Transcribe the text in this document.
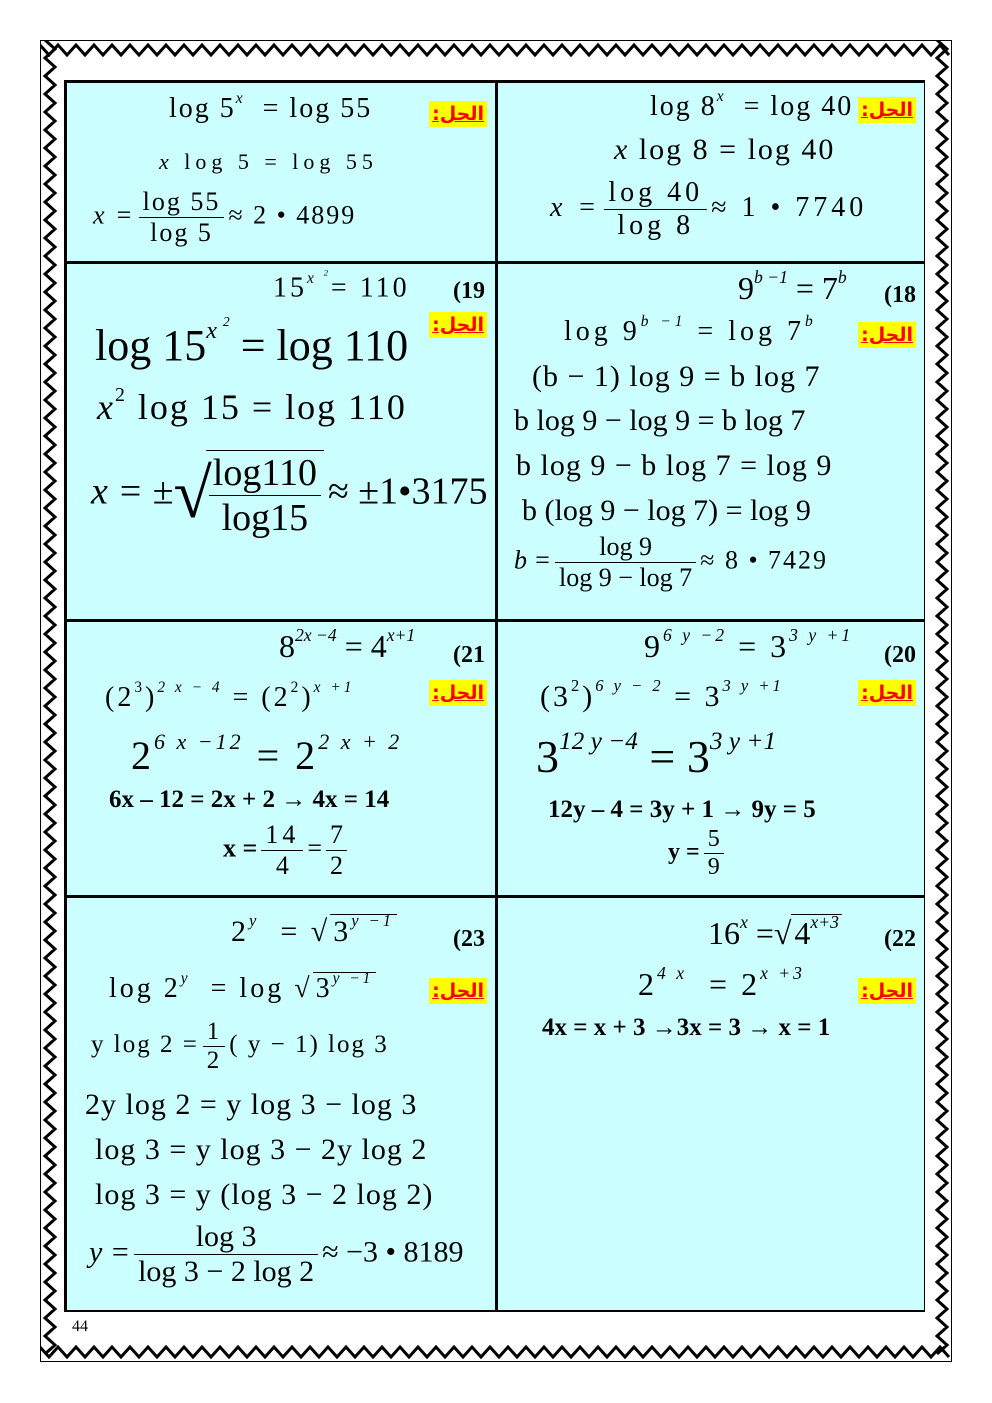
الحل:
log 5$^x$  = log 55
x log 5 = log 55
$x = \frac{\log 55}{\log 5} \approx 2$ • 4899
الحل:
log 8$^x$  = log 40
x log 8 = log 40
$x = \frac{\log 40}{\log 8} \approx 1$ • 7740
(19
الحل:
$15^{x ^2}= 110$
$\log 15^{x ^2} = \log 110$
$x^2$ log 15 = log 110
x = ±√
$\frac{\log 110}{\log 15}$ ≈ ±1•3175
(18
الحل:
$9^{b -1} = 7^b$
$\log 9^{b -1} = \log 7^b$
(b − 1) log 9 = b log 7
b log 9 − log 9 = b log 7
b log 9 − b log 7 = log 9
b (log 9 − log 7) = log 9
$b = \frac{\log 9}{\log 9 - \log 7} \approx 8$ • 7429
(21
الحل:
$8^{2x -4} = 4^{x+1}$
$(2^3)^{2 x - 4} = (2^2)^{x +1}$
$2^{6 x -12} = 2^{2 x + 2}$
6x – 12 = 2x + 2 → 4x = 14
$x = \frac{14}{4} = \frac{7}{2}$
(20
الحل:
$9^{6 y -2} = 3^{3 y +1}$
$(3^2)^{6 y - 2} = 3^{3 y +1}$
$3^{12 y -4} = 3^{3 y +1}$
12y – 4 = 3y + 1 → 9y = 5
$y = \frac{5}{9}$
(23
الحل:
$2^y$ = √ $3^{y -1}$
$\log 2^y = \log$ √ $3^{y -1}$
y $\log 2 = \frac{1}{2}$ ( y − 1) log 3
2y log 2 = y log 3 − log 3
log 3 = y log 3 − 2y log 2
log 3 = y (log 3 − 2 log 2)
$y = \frac{\log 3}{\log 3 - 2 \log 2} \approx -3$ • 8189
(22
الحل:
$16^x =√4^{x+3}$
$2^{4 x} = 2^{x +3}$
4x = x + 3 →3x = 3 → x = 1
44
